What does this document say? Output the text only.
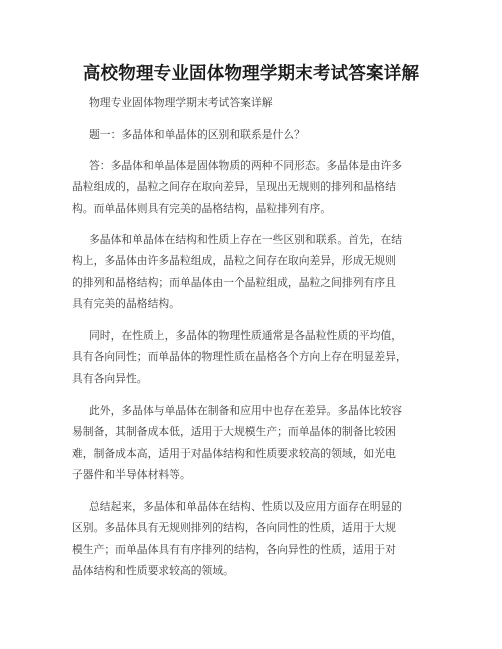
高校物理专业固体物理学期末考试答案详解
物理专业固体物理学期末考试答案详解
题一：多晶体和单晶体的区别和联系是什么？
答：多晶体和单晶体是固体物质的两种不同形态。多晶体是由许多
晶粒组成的，晶粒之间存在取向差异，呈现出无规则的排列和晶格结
构。而单晶体则具有完美的晶格结构，晶粒排列有序。
多晶体和单晶体在结构和性质上存在一些区别和联系。首先，在结
构上，多晶体由许多晶粒组成，晶粒之间存在取向差异，形成无规则
的排列和晶格结构；而单晶体由一个晶粒组成，晶粒之间排列有序且
具有完美的晶格结构。
同时，在性质上，多晶体的物理性质通常是各晶粒性质的平均值，
具有各向同性；而单晶体的物理性质在晶格各个方向上存在明显差异，
具有各向异性。
此外，多晶体与单晶体在制备和应用中也存在差异。多晶体比较容
易制备，其制备成本低，适用于大规模生产；而单晶体的制备比较困
难，制备成本高，适用于对晶体结构和性质要求较高的领域，如光电
子器件和半导体材料等。
总结起来，多晶体和单晶体在结构、性质以及应用方面存在明显的
区别。多晶体具有无规则排列的结构，各向同性的性质，适用于大规
模生产；而单晶体具有有序排列的结构，各向异性的性质，适用于对
晶体结构和性质要求较高的领域。
